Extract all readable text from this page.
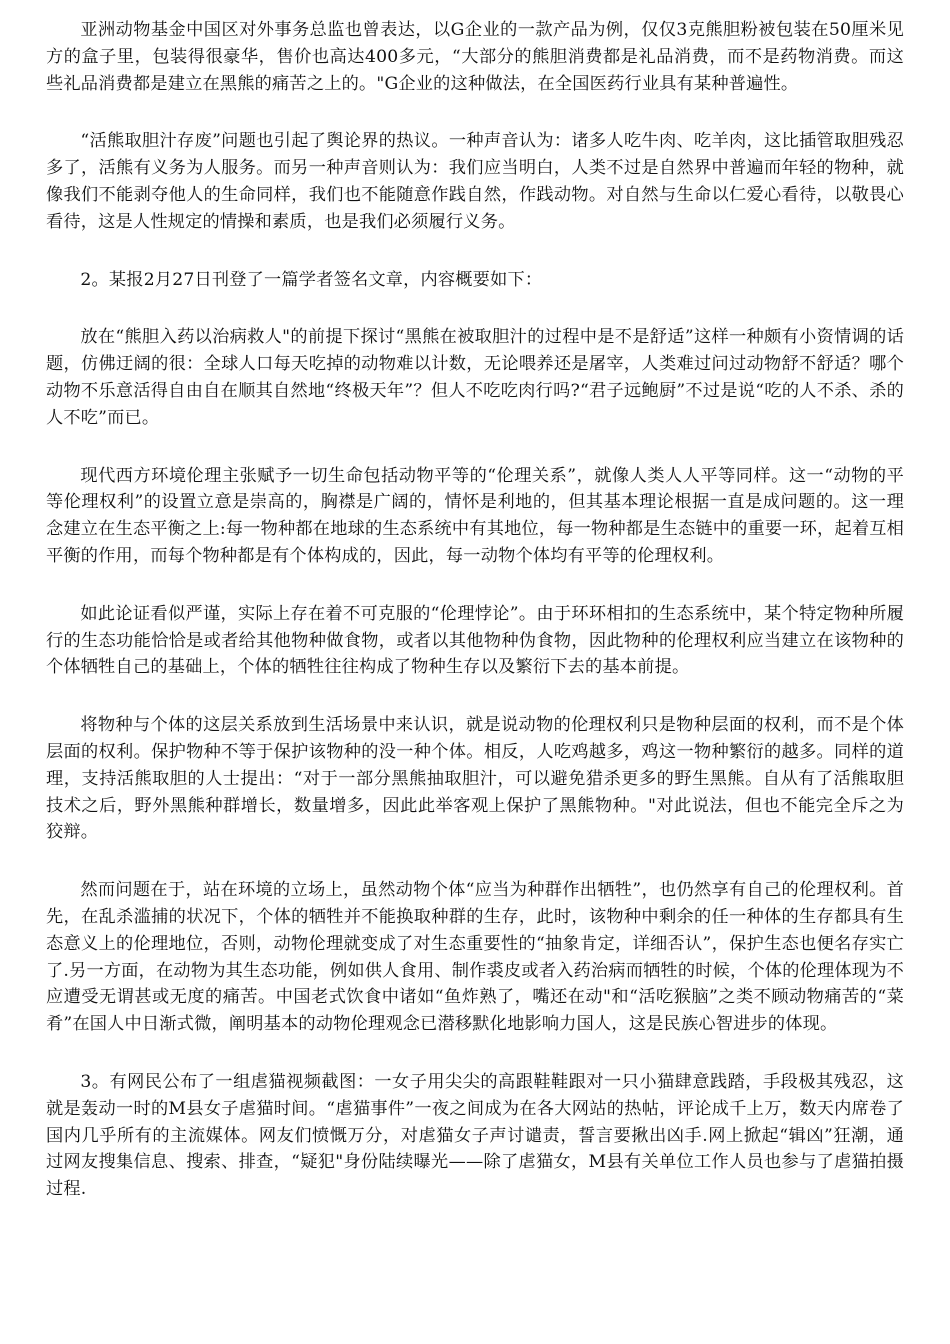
亚洲动物基金中国区对外事务总监也曾表达，以G企业的一款产品为例，仅仅3克熊胆粉被包装在50厘米见方的盒子里，包装得很豪华，售价也高达400多元，“大部分的熊胆消费都是礼品消费，而不是药物消费。而这些礼品消费都是建立在黑熊的痛苦之上的。"G企业的这种做法，在全国医药行业具有某种普遍性。

“活熊取胆汁存废”问题也引起了舆论界的热议。一种声音认为：诸多人吃牛肉、吃羊肉，这比插管取胆残忍多了，活熊有义务为人服务。而另一种声音则认为：我们应当明白，人类不过是自然界中普遍而年轻的物种，就像我们不能剥夺他人的生命同样，我们也不能随意作践自然，作践动物。对自然与生命以仁爱心看待，以敬畏心看待，这是人性规定的情操和素质，也是我们必须履行义务。

2。某报2月27日刊登了一篇学者签名文章，内容概要如下：

放在“熊胆入药以治病救人"的前提下探讨“黑熊在被取胆汁的过程中是不是舒适”这样一种颇有小资情调的话题，仿佛迂阔的很：全球人口每天吃掉的动物难以计数，无论喂养还是屠宰，人类难过问过动物舒不舒适？哪个动物不乐意活得自由自在顺其自然地“终极天年”？但人不吃吃肉行吗?“君子远鲍厨”不过是说“吃的人不杀、杀的人不吃”而已。

现代西方环境伦理主张赋予一切生命包括动物平等的“伦理关系”，就像人类人人平等同样。这一“动物的平等伦理权利”的设置立意是崇高的，胸襟是广阔的，情怀是利地的，但其基本理论根据一直是成问题的。这一理念建立在生态平衡之上:每一物种都在地球的生态系统中有其地位，每一物种都是生态链中的重要一环，起着互相平衡的作用，而每个物种都是有个体构成的，因此，每一动物个体均有平等的伦理权利。

如此论证看似严谨，实际上存在着不可克服的“伦理悖论”。由于环环相扣的生态系统中，某个特定物种所履行的生态功能恰恰是或者给其他物种做食物，或者以其他物种伪食物，因此物种的伦理权利应当建立在该物种的个体牺牲自己的基础上，个体的牺牲往往构成了物种生存以及繁衍下去的基本前提。

将物种与个体的这层关系放到生活场景中来认识，就是说动物的伦理权利只是物种层面的权利，而不是个体层面的权利。保护物种不等于保护该物种的没一种个体。相反，人吃鸡越多，鸡这一物种繁衍的越多。同样的道理，支持活熊取胆的人士提出：“对于一部分黑熊抽取胆汁，可以避免猎杀更多的野生黑熊。自从有了活熊取胆技术之后，野外黑熊种群增长，数量增多，因此此举客观上保护了黑熊物种。"对此说法，但也不能完全斥之为狡辩。

然而问题在于，站在环境的立场上，虽然动物个体“应当为种群作出牺牲”，也仍然享有自己的伦理权利。首先，在乱杀滥捕的状况下，个体的牺牲并不能换取种群的生存，此时，该物种中剩余的任一种体的生存都具有生态意义上的伦理地位，否则，动物伦理就变成了对生态重要性的“抽象肯定，详细否认”，保护生态也便名存实亡了.另一方面，在动物为其生态功能，例如供人食用、制作裘皮或者入药治病而牺牲的时候，个体的伦理体现为不应遭受无谓甚或无度的痛苦。中国老式饮食中诸如“鱼炸熟了，嘴还在动"和“活吃猴脑”之类不顾动物痛苦的“菜肴”在国人中日渐式微，阐明基本的动物伦理观念已潜移默化地影响力国人，这是民族心智进步的体现。

3。有网民公布了一组虐猫视频截图：一女子用尖尖的高跟鞋鞋跟对一只小猫肆意践踏，手段极其残忍，这就是轰动一时的M县女子虐猫时间。“虐猫事件”一夜之间成为在各大网站的热帖，评论成千上万，数天内席卷了国内几乎所有的主流媒体。网友们愤慨万分，对虐猫女子声讨谴责，誓言要揪出凶手.网上掀起“辑凶”狂潮，通过网友搜集信息、搜索、排查，“疑犯"身份陆续曝光——除了虐猫女，M县有关单位工作人员也参与了虐猫拍摄过程.
